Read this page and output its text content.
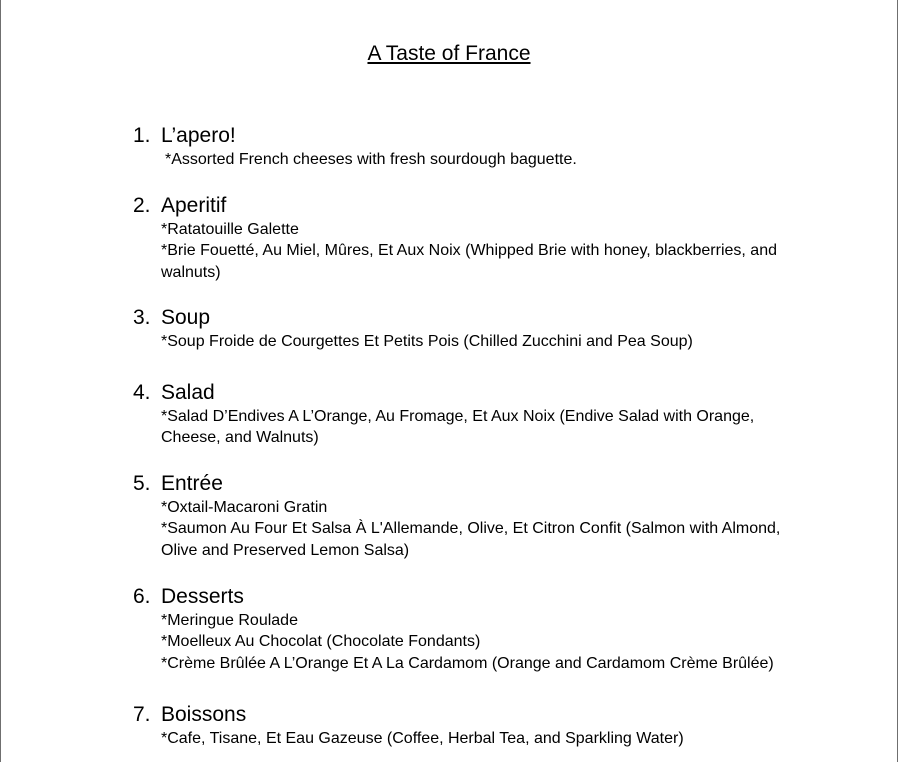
A Taste of France
1. L’apero!
*Assorted French cheeses with fresh sourdough baguette.
2. Aperitif
*Ratatouille Galette
*Brie Fouetté, Au Miel, Mûres, Et Aux Noix (Whipped Brie with honey, blackberries, and walnuts)
3. Soup
*Soup Froide de Courgettes Et Petits Pois (Chilled Zucchini and Pea Soup)
4. Salad
*Salad D’Endives A L’Orange, Au Fromage, Et Aux Noix (Endive Salad with Orange, Cheese, and Walnuts)
5. Entrée
*Oxtail-Macaroni Gratin
*Saumon Au Four Et Salsa À L'Allemande, Olive, Et Citron Confit (Salmon with Almond, Olive and Preserved Lemon Salsa)
6. Desserts
*Meringue Roulade
*Moelleux Au Chocolat (Chocolate Fondants)
*Crème Brûlée A L’Orange Et A La Cardamom (Orange and Cardamom Crème Brûlée)
7. Boissons
*Cafe, Tisane, Et Eau Gazeuse (Coffee, Herbal Tea, and Sparkling Water)
